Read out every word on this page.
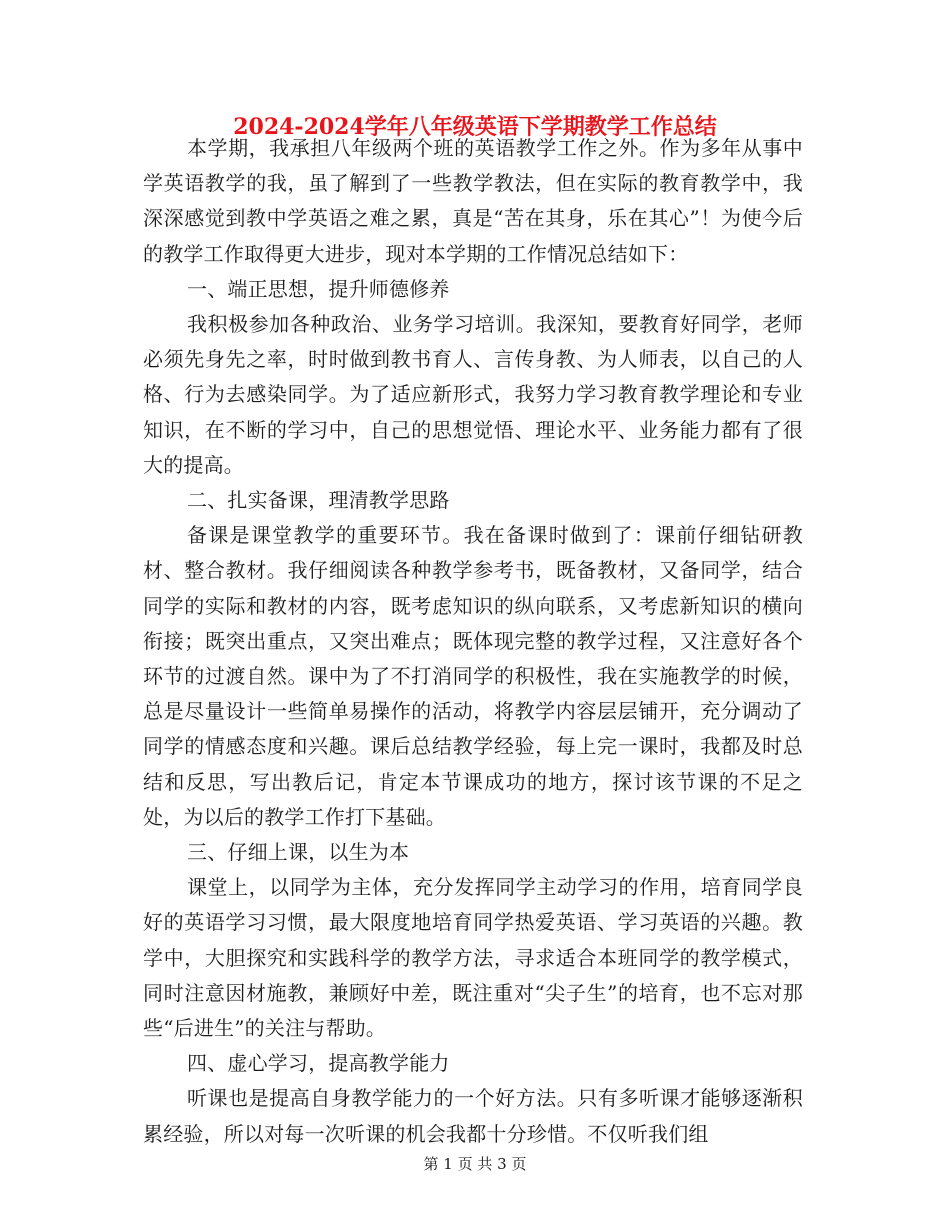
2024-2024学年八年级英语下学期教学工作总结

本学期，我承担八年级两个班的英语教学工作之外。作为多年从事中学英语教学的我，虽了解到了一些教学教法，但在实际的教育教学中，我深深感觉到教中学英语之难之累，真是“苦在其身，乐在其心”！为使今后的教学工作取得更大进步，现对本学期的工作情况总结如下：

一、端正思想，提升师德修养

我积极参加各种政治、业务学习培训。我深知，要教育好同学，老师必须先身先之率，时时做到教书育人、言传身教、为人师表，以自己的人格、行为去感染同学。为了适应新形式，我努力学习教育教学理论和专业知识，在不断的学习中，自己的思想觉悟、理论水平、业务能力都有了很大的提高。

二、扎实备课，理清教学思路

备课是课堂教学的重要环节。我在备课时做到了：课前仔细钻研教材、整合教材。我仔细阅读各种教学参考书，既备教材，又备同学，结合同学的实际和教材的内容，既考虑知识的纵向联系，又考虑新知识的横向衔接；既突出重点，又突出难点；既体现完整的教学过程，又注意好各个环节的过渡自然。课中为了不打消同学的积极性，我在实施教学的时候，总是尽量设计一些简单易操作的活动，将教学内容层层铺开，充分调动了同学的情感态度和兴趣。课后总结教学经验，每上完一课时，我都及时总结和反思，写出教后记，肯定本节课成功的地方，探讨该节课的不足之处，为以后的教学工作打下基础。

三、仔细上课，以生为本

课堂上，以同学为主体，充分发挥同学主动学习的作用，培育同学良好的英语学习习惯，最大限度地培育同学热爱英语、学习英语的兴趣。教学中，大胆探究和实践科学的教学方法，寻求适合本班同学的教学模式，同时注意因材施教，兼顾好中差，既注重对“尖子生”的培育，也不忘对那些“后进生”的关注与帮助。

四、虚心学习，提高教学能力

听课也是提高自身教学能力的一个好方法。只有多听课才能够逐渐积累经验，所以对每一次听课的机会我都十分珍惜。不仅听我们组

第 1 页 共 3 页
